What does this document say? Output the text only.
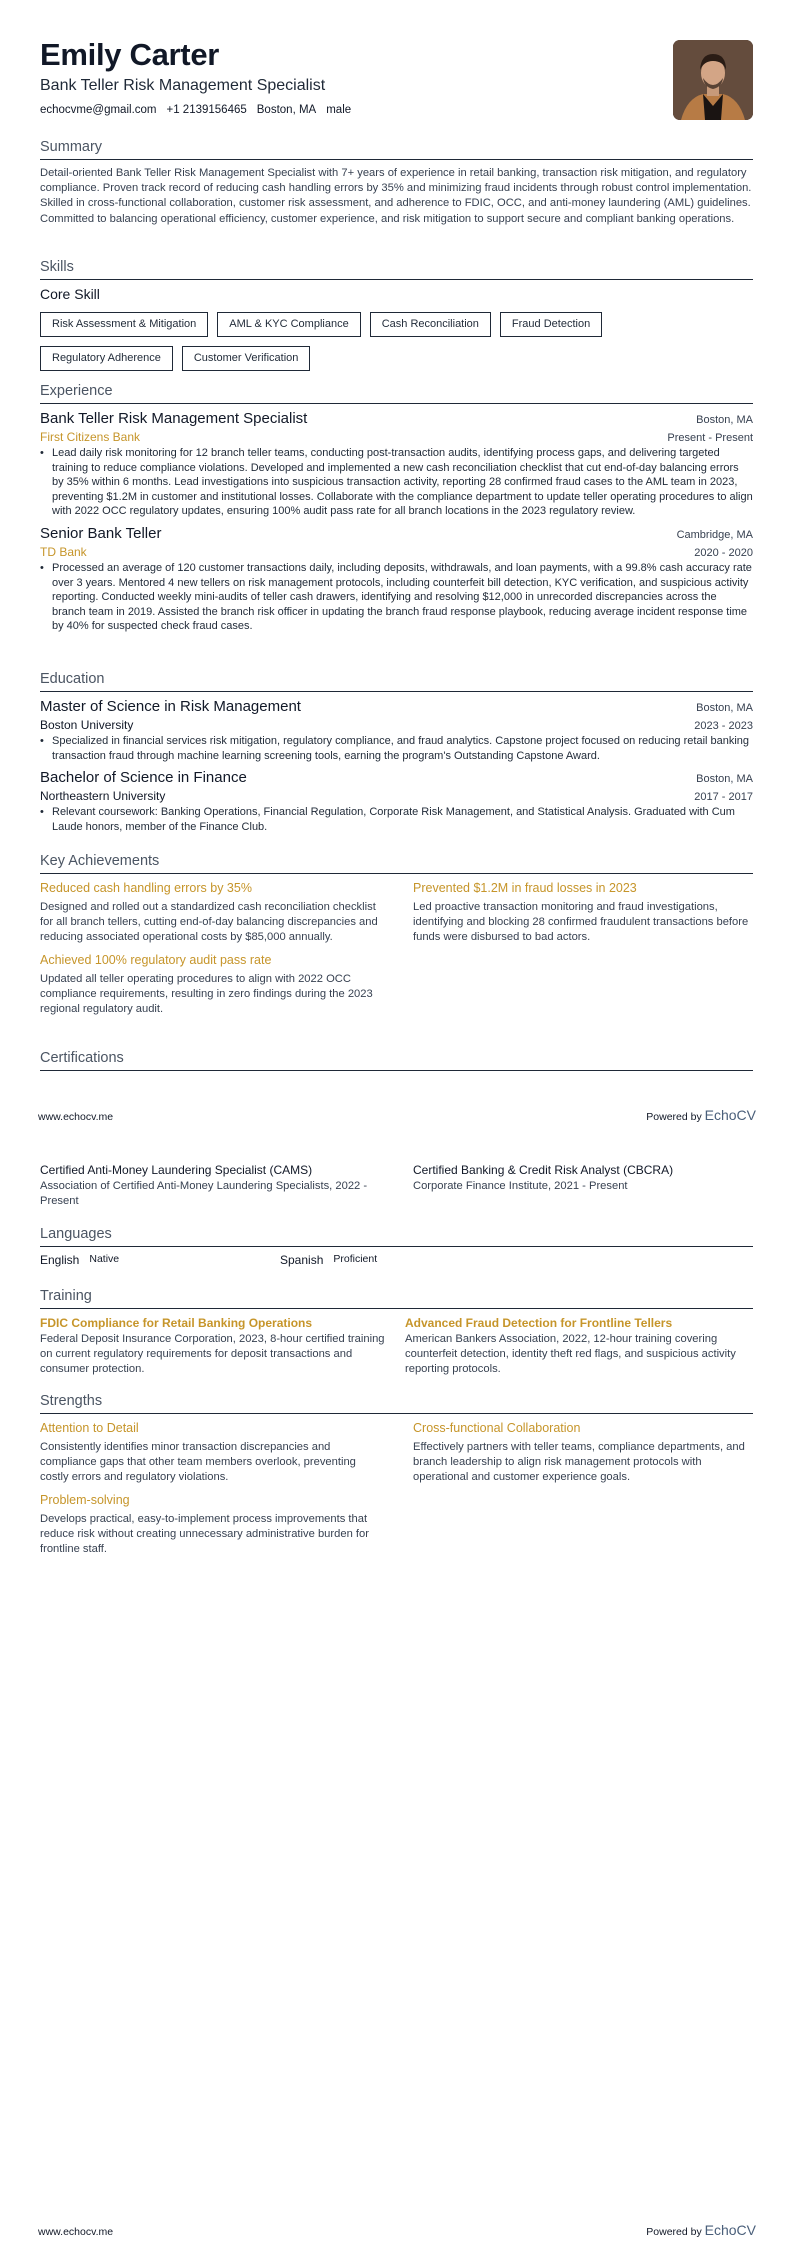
Emily Carter
Bank Teller Risk Management Specialist
echocvme@gmail.com +1 2139156465 Boston, MA male
Summary
Detail-oriented Bank Teller Risk Management Specialist with 7+ years of experience in retail banking, transaction risk mitigation, and regulatory compliance. Proven track record of reducing cash handling errors by 35% and minimizing fraud incidents through robust control implementation. Skilled in cross-functional collaboration, customer risk assessment, and adherence to FDIC, OCC, and anti-money laundering (AML) guidelines. Committed to balancing operational efficiency, customer experience, and risk mitigation to support secure and compliant banking operations.
Skills
Core Skill
Risk Assessment & Mitigation	AML & KYC Compliance	Cash Reconciliation	Fraud Detection
Regulatory Adherence	Customer Verification
Experience
Bank Teller Risk Management Specialist	Boston, MA
First Citizens Bank	Present - Present
• Lead daily risk monitoring for 12 branch teller teams, conducting post-transaction audits, identifying process gaps, and delivering targeted training to reduce compliance violations. Developed and implemented a new cash reconciliation checklist that cut end-of-day balancing errors by 35% within 6 months. Lead investigations into suspicious transaction activity, reporting 28 confirmed fraud cases to the AML team in 2023, preventing $1.2M in customer and institutional losses. Collaborate with the compliance department to update teller operating procedures to align with 2022 OCC regulatory updates, ensuring 100% audit pass rate for all branch locations in the 2023 regulatory review.
Senior Bank Teller	Cambridge, MA
TD Bank	2020 - 2020
• Processed an average of 120 customer transactions daily, including deposits, withdrawals, and loan payments, with a 99.8% cash accuracy rate over 3 years. Mentored 4 new tellers on risk management protocols, including counterfeit bill detection, KYC verification, and suspicious activity reporting. Conducted weekly mini-audits of teller cash drawers, identifying and resolving $12,000 in unrecorded discrepancies across the branch team in 2019. Assisted the branch risk officer in updating the branch fraud response playbook, reducing average incident response time by 40% for suspected check fraud cases.
Education
Master of Science in Risk Management	Boston, MA
Boston University	2023 - 2023
• Specialized in financial services risk mitigation, regulatory compliance, and fraud analytics. Capstone project focused on reducing retail banking transaction fraud through machine learning screening tools, earning the program's Outstanding Capstone Award.
Bachelor of Science in Finance	Boston, MA
Northeastern University	2017 - 2017
• Relevant coursework: Banking Operations, Financial Regulation, Corporate Risk Management, and Statistical Analysis. Graduated with Cum Laude honors, member of the Finance Club.
Key Achievements
Reduced cash handling errors by 35%
Designed and rolled out a standardized cash reconciliation checklist for all branch tellers, cutting end-of-day balancing discrepancies and reducing associated operational costs by $85,000 annually.
Prevented $1.2M in fraud losses in 2023
Led proactive transaction monitoring and fraud investigations, identifying and blocking 28 confirmed fraudulent transactions before funds were disbursed to bad actors.
Achieved 100% regulatory audit pass rate
Updated all teller operating procedures to align with 2022 OCC compliance requirements, resulting in zero findings during the 2023 regional regulatory audit.
Certifications
www.echocv.me	Powered by EchoCV
Certified Anti-Money Laundering Specialist (CAMS)
Association of Certified Anti-Money Laundering Specialists, 2022 - Present
Certified Banking & Credit Risk Analyst (CBCRA)
Corporate Finance Institute, 2021 - Present
Languages
English Native	Spanish Proficient
Training
FDIC Compliance for Retail Banking Operations
Federal Deposit Insurance Corporation, 2023, 8-hour certified training on current regulatory requirements for deposit transactions and consumer protection.
Advanced Fraud Detection for Frontline Tellers
American Bankers Association, 2022, 12-hour training covering counterfeit detection, identity theft red flags, and suspicious activity reporting protocols.
Strengths
Attention to Detail
Consistently identifies minor transaction discrepancies and compliance gaps that other team members overlook, preventing costly errors and regulatory violations.
Cross-functional Collaboration
Effectively partners with teller teams, compliance departments, and branch leadership to align risk management protocols with operational and customer experience goals.
Problem-solving
Develops practical, easy-to-implement process improvements that reduce risk without creating unnecessary administrative burden for frontline staff.
www.echocv.me	Powered by EchoCV
